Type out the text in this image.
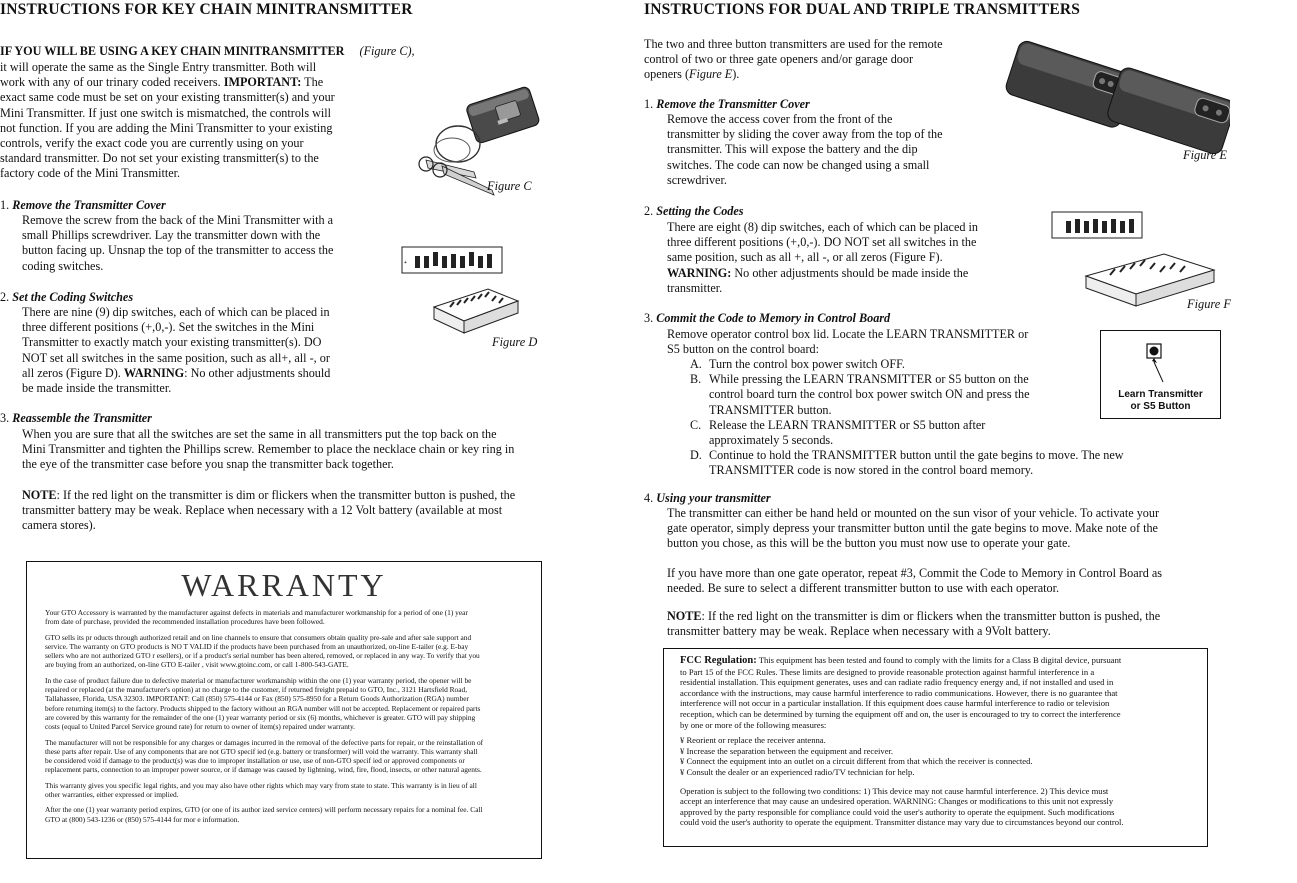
INSTRUCTIONS FOR KEY CHAIN MINITRANSMITTER
IF YOU WILL BE USING A KEY CHAIN MINITRANSMITTER (Figure C),
it will operate the same as the Single Entry transmitter. Both will
work with any of our trinary coded receivers. IMPORTANT: The
exact same code must be set on your existing transmitter(s) and your
Mini Transmitter. If just one switch is mismatched, the controls will
not function. If you are adding the Mini Transmitter to your existing
controls, verify the exact code you are currently using on your
standard transmitter. Do not set your existing transmitter(s) to the
factory code of the Mini Transmitter.
Figure C
1. Remove the Transmitter Cover
Remove the screw from the back of the Mini Transmitter with a
small Phillips screwdriver. Lay the transmitter down with the
button facing up. Unsnap the top of the transmitter to access the
coding switches.	+
Figure D
2. Set the Coding Switches
There are nine (9) dip switches, each of which can be placed in
three different positions (+,0,-). Set the switches in the Mini
Transmitter to exactly match your existing transmitter(s). DO
NOT set all switches in the same position, such as all+, all -, or
all zeros (Figure D). WARNING: No other adjustments should
be made inside the transmitter.
3. Reassemble the Transmitter
When you are sure that all the switches are set the same in all transmitters put the top back on the
Mini Transmitter and tighten the Phillips screw. Remember to place the necklace chain or key ring in
the eye of the transmitter case before you snap the transmitter back together.
NOTE: If the red light on the transmitter is dim or flickers when the transmitter button is pushed, the
transmitter battery may be weak. Replace when necessary with a 12 Volt battery (available at most
camera stores).
WARRANTY
Your GTO Accessory is warranted by the manufacturer against defects in materials and manufacturer workmanship for a period of one (1) year
from date of purchase, provided the recommended installation procedures have been followed.
GTO sells its pr oducts through authorized retail and on line channels to ensure that consumers obtain quality pre-sale and after sale support and
service. The warranty on GTO products is NO T VALID if the products have been purchased from an unauthorized, on-line E-tailer (e.g. E-bay
sellers who are not authorized GTO r esellers), or if a product's serial number has been altered, removed, or replaced in any way. To verify that you
are buying from an authorized, on-line GTO E-tailer , visit www.gtoinc.com, or call 1-800-543-GATE.
In the case of product failure due to defective material or manufacturer workmanship within the one (1) year warranty period, the opener will be
repaired or replaced (at the manufacturer's option) at no charge to the customer, if returned freight prepaid to GTO, Inc., 3121 Hartsfield Road,
Tallahassee, Florida, USA 32303. IMPORTANT: Call (850) 575-4144 or Fax (850) 575-8950 for a Return Goods Authorization (RGA) number
before returning item(s) to the factory. Products shipped to the factory without an RGA number will not be accepted. Replacement or repaired parts
are covered by this warranty for the remainder of the one (1) year warranty period or six (6) months, whichever is greater. GTO will pay shipping
costs (equal to United Parcel Service ground rate) for return to owner of item(s) repaired under warranty.
The manufacturer will not be responsible for any charges or damages incurred in the removal of the defective parts for repair, or the reinstallation of
these parts after repair. Use of any components that are not GTO specif ied (e.g. battery or transformer) will void the warranty. This warranty shall
be considered void if damage to the product(s) was due to improper installation or use, use of non-GTO specif ied or approved components or
replacement parts, connection to an improper power source, or if damage was caused by lightning, wind, fire, flood, insects, or other natural agents.
This warranty gives you specific legal rights, and you may also have other rights which may vary from state to state. This warranty is in lieu of all
other warranties, either expressed or implied.
After the one (1) year warranty period expires, GTO (or one of its author ized service centers) will perform necessary repairs for a nominal fee. Call
GTO at (800) 543-1236 or (850) 575-4144 for mor e information.
INSTRUCTIONS FOR DUAL AND TRIPLE TRANSMITTERS
The two and three button transmitters are used for the remote
control of two or three gate openers and/or garage door
openers (Figure E).
Figure E
1. Remove the Transmitter Cover
Remove the access cover from the front of the
transmitter by sliding the cover away from the top of the
transmitter. This will expose the battery and the dip
switches. The code can now be changed using a small
screwdriver.
2. Setting the Codes
There are eight (8) dip switches, each of which can be placed in
three different positions (+,0,-). DO NOT set all switches in the
same position, such as all +, all -, or all zeros (Figure F).
WARNING: No other adjustments should be made inside the
transmitter.
Figure F
3. Commit the Code to Memory in Control Board
Remove operator control box lid. Locate the LEARN TRANSMITTER or
S5 button on the control board:
A. Turn the control box power switch OFF.
B. While pressing the LEARN TRANSMITTER or S5 button on the
control board turn the control box power switch ON and press the
TRANSMITTER button.
C. Release the LEARN TRANSMITTER or S5 button after
approximately 5 seconds.
D. Continue to hold the TRANSMITTER button until the gate begins to move. The new
TRANSMITTER code is now stored in the control board memory.
Learn Transmitter
or S5 Button
4. Using your transmitter
The transmitter can either be hand held or mounted on the sun visor of your vehicle. To activate your
gate operator, simply depress your transmitter button until the gate begins to move. Make note of the
button you chose, as this will be the button you must now use to operate your gate.
If you have more than one gate operator, repeat #3, Commit the Code to Memory in Control Board as
needed. Be sure to select a different transmitter button to use with each operator.
NOTE: If the red light on the transmitter is dim or flickers when the transmitter button is pushed, the
transmitter battery may be weak. Replace when necessary with a 9Volt battery.
FCC Regulation: This equipment has been tested and found to comply with the limits for a Class B digital device, pursuant
to Part 15 of the FCC Rules. These limits are designed to provide reasonable protection against harmful interference in a
residential installation. This equipment generates, uses and can radiate radio frequency energy and, if not installed and used in
accordance with the instructions, may cause harmful interference to radio communications. However, there is no guarantee that
interference will not occur in a particular installation. If this equipment does cause harmful interference to radio or television
reception, which can be determined by turning the equipment off and on, the user is encouraged to try to correct the interference
by one or more of the following measures:
¥ Reorient or replace the receiver antenna.
¥ Increase the separation between the equipment and receiver.
¥ Connect the equipment into an outlet on a circuit different from that which the receiver is connected.
¥ Consult the dealer or an experienced radio/TV technician for help.
Operation is subject to the following two conditions: 1) This device may not cause harmful interference. 2) This device must
accept an interference that may cause an undesired operation. WARNING: Changes or modifications to this unit not expressly
approved by the party responsible for compliance could void the user's authority to operate the equipment. Such modifications
could void the user's authority to operate the equipment. Transmitter distance may vary due to circumstances beyond our control.
